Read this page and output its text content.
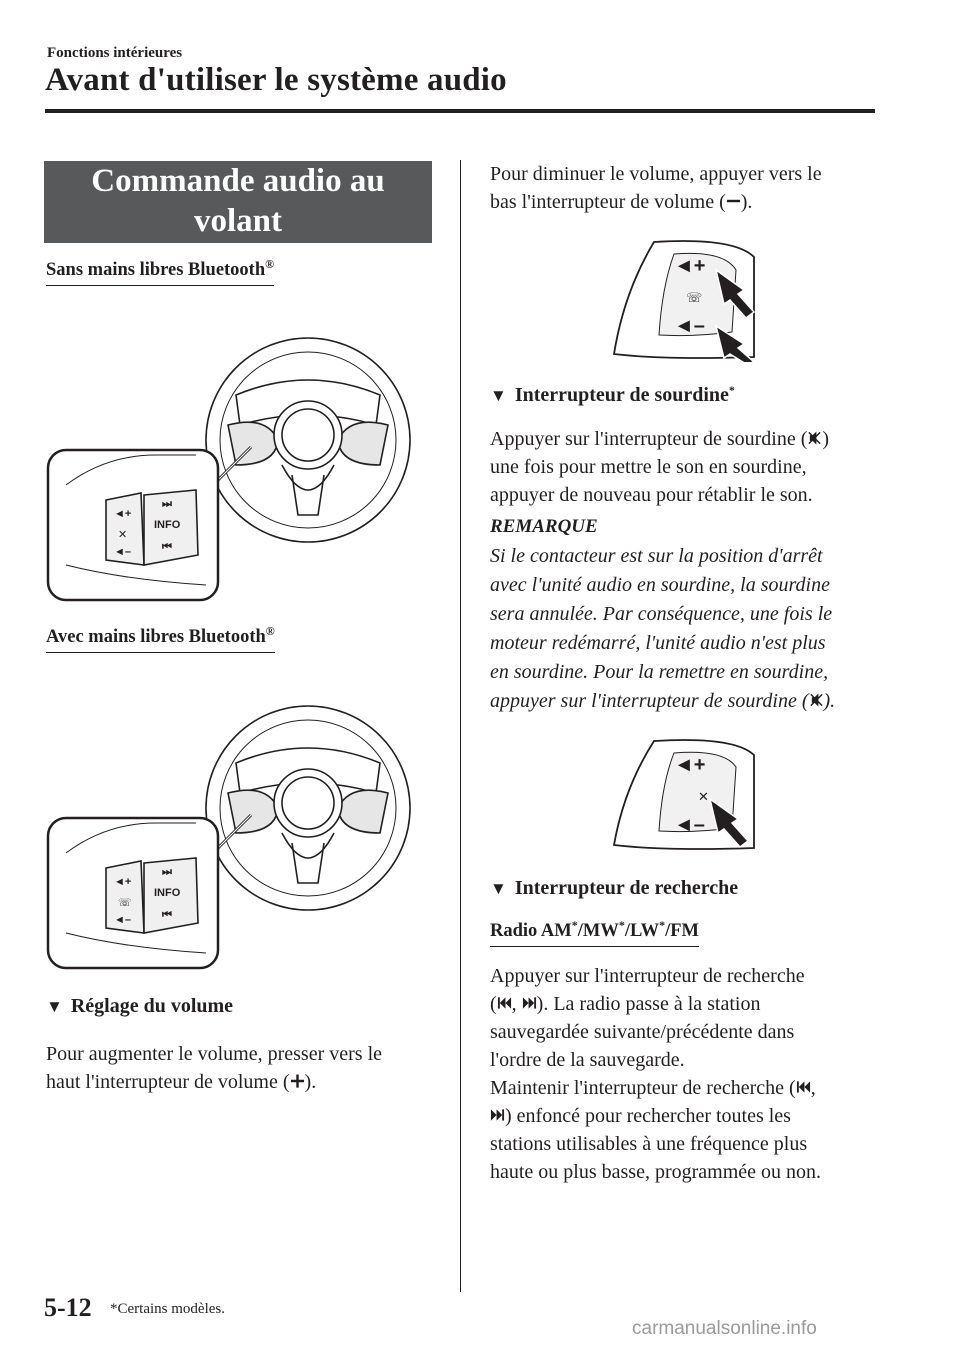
Fonctions intérieures
Avant d'utiliser le système audio
Commande audio au
volant
Sans mains libres Bluetooth®
◄+
✕
◄–
⏭
INFO
⏮
Avec mains libres Bluetooth®
◄+
☏
◄–
⏭
INFO
⏮
▼ Réglage du volume

Pour augmenter le volume, presser vers le

haut l'interrupteur de volume ( ).

Pour diminuer le volume, appuyer vers le

bas l'interrupteur de volume ( ).

◄+
☏
◄–
▼ Interrupteur de sourdine*

Appuyer sur l'interrupteur de sourdine ( )

une fois pour mettre le son en sourdine,

appuyer de nouveau pour rétablir le son.

REMARQUE
Si le contacteur est sur la position d'arrêt
avec l'unité audio en sourdine, la sourdine
sera annulée. Par conséquence, une fois le
moteur redémarré, l'unité audio n'est plus
en sourdine. Pour la remettre en sourdine,
appuyer sur l'interrupteur de sourdine ( ).
◄+
✕
◄–
▼ Interrupteur de recherche
Radio AM*/MW*/LW*/FM

Appuyer sur l'interrupteur de recherche

( , ). La radio passe à la station

sauvegardée suivante/précédente dans

l'ordre de la sauvegarde.

Maintenir l'interrupteur de recherche ( ,

) enfoncé pour rechercher toutes les

stations utilisables à une fréquence plus

haute ou plus basse, programmée ou non.

5-12 *Certains modèles.
carmanualsonline.info
